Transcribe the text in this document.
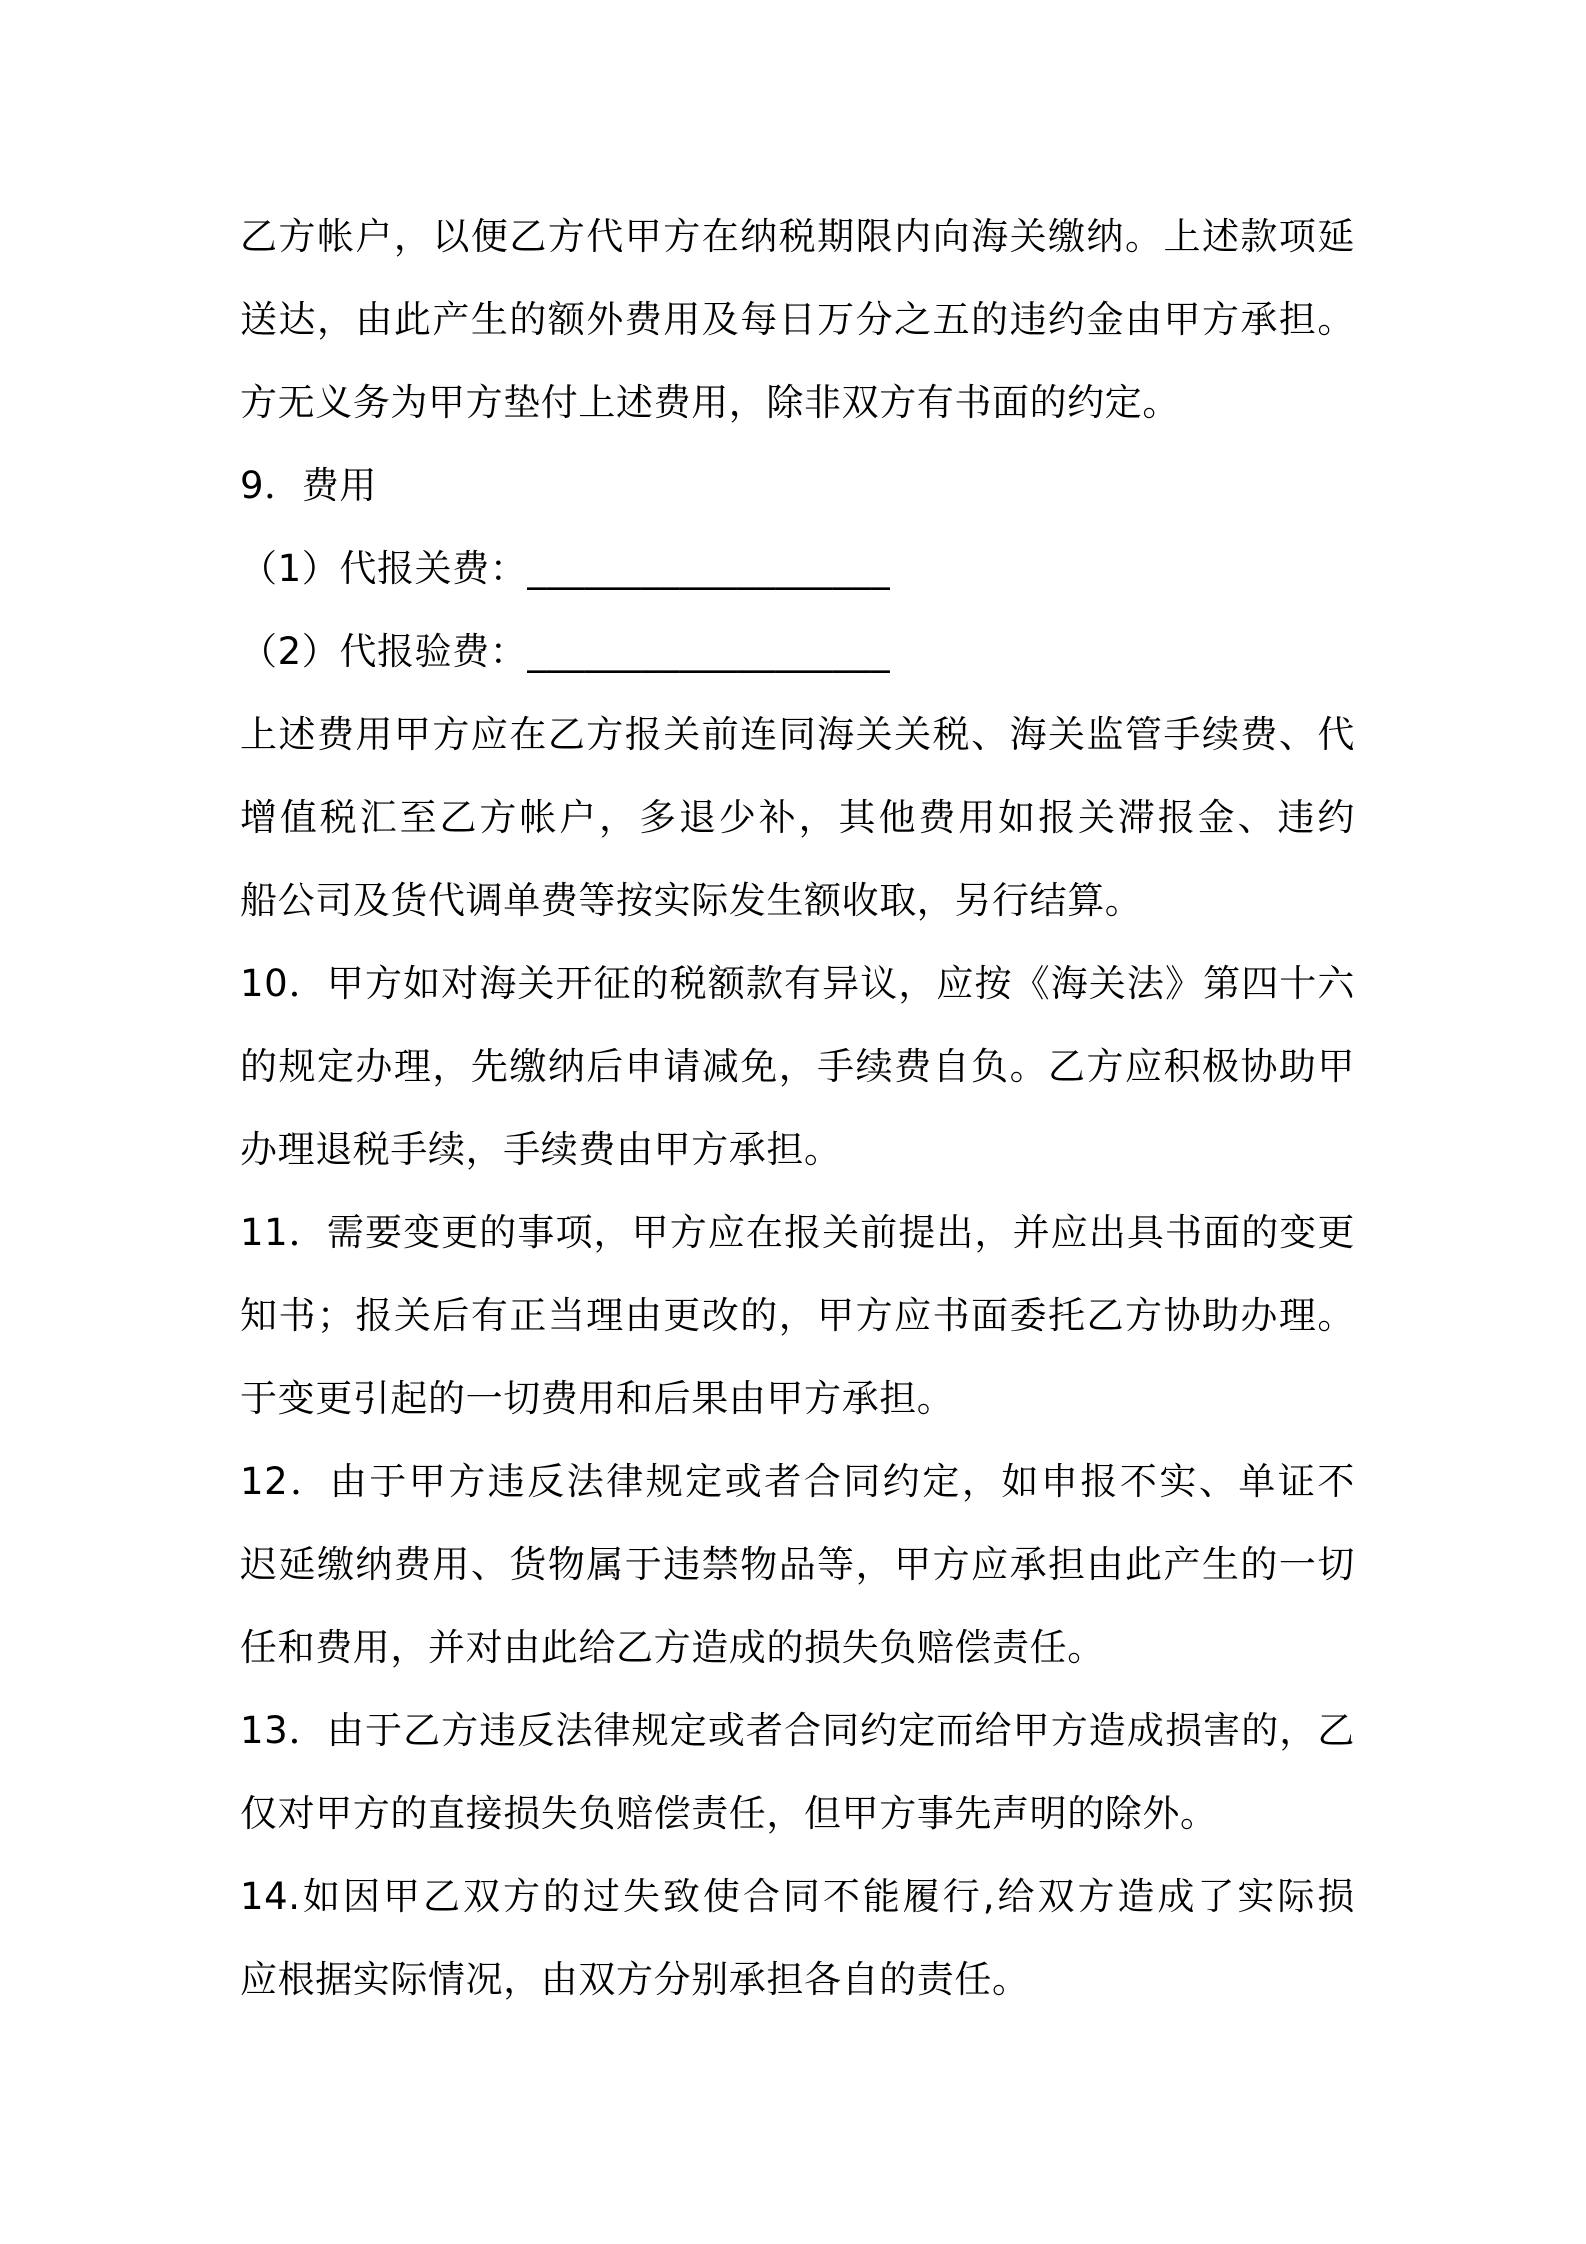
乙方帐户，以便乙方代甲方在纳税期限内向海关缴纳。上述款项延
送达，由此产生的额外费用及每日万分之五的违约金由甲方承担。
方无义务为甲方垫付上述费用，除非双方有书面的约定。
9．费用
（1）代报关费：___________________
（2）代报验费：___________________
上述费用甲方应在乙方报关前连同海关关税、海关监管手续费、代
增值税汇至乙方帐户，多退少补，其他费用如报关滞报金、违约
船公司及货代调单费等按实际发生额收取，另行结算。
10．甲方如对海关开征的税额款有异议，应按《海关法》第四十六
的规定办理，先缴纳后申请减免，手续费自负。乙方应积极协助甲
办理退税手续，手续费由甲方承担。
11．需要变更的事项，甲方应在报关前提出，并应出具书面的变更
知书；报关后有正当理由更改的，甲方应书面委托乙方协助办理。
于变更引起的一切费用和后果由甲方承担。
12．由于甲方违反法律规定或者合同约定，如申报不实、单证不
迟延缴纳费用、货物属于违禁物品等，甲方应承担由此产生的一切
任和费用，并对由此给乙方造成的损失负赔偿责任。
13．由于乙方违反法律规定或者合同约定而给甲方造成损害的，乙
仅对甲方的直接损失负赔偿责任，但甲方事先声明的除外。
14.如因甲乙双方的过失致使合同不能履行,给双方造成了实际损
应根据实际情况，由双方分别承担各自的责任。
